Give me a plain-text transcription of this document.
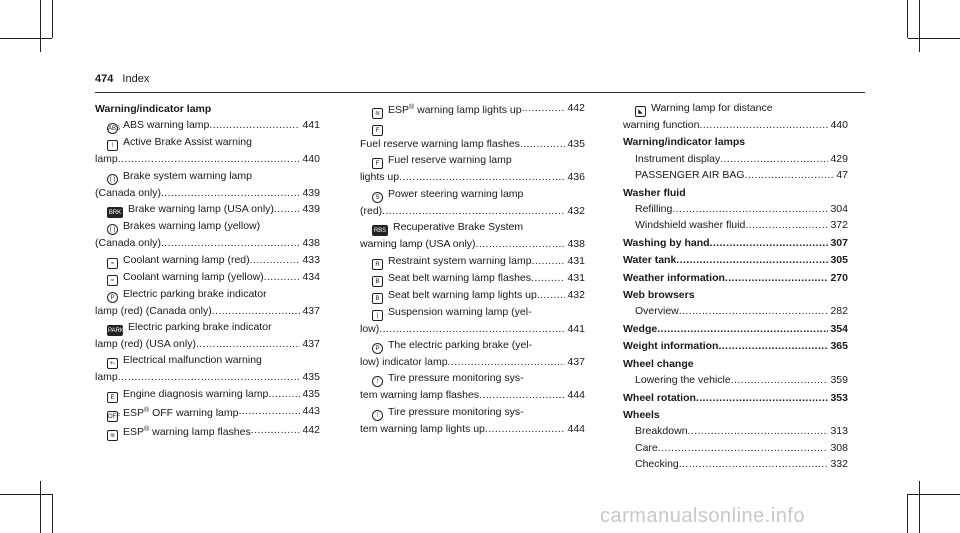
474 Index
Warning/indicator lamp
ABS ABS warning lamp .....	441
! Active Brake Assist warning
lamp .....	440
( ) Brake system warning lamp
(Canada only) .....	439
BRK Brake warning lamp (USA only) .....	439
( ) Brakes warning lamp (yellow)
(Canada only) .....	438
≈ Coolant warning lamp (red) .....	433
≈ Coolant warning lamp (yellow) .....	434
P Electric parking brake indicator
lamp (red) (Canada only) .....	437
PARK Electric parking brake indicator
lamp (red) (USA only) .....	437
+- Electrical malfunction warning
lamp .....	435
E Engine diagnosis warning lamp .....	435
OFF ESP® OFF warning lamp .....	443
≋ ESP® warning lamp flashes .....	442
≋ ESP® warning lamp lights up .....	442
F
Fuel reserve warning lamp flashes .....	435
F Fuel reserve warning lamp
lights up .....	436
S Power steering warning lamp
(red) .....	432
RBS Recuperative Brake System
warning lamp (USA only) .....	438
R Restraint system warning lamp .....	431
B Seat belt warning lamp flashes .....	431
B Seat belt warning lamp lights up .....	432
| Suspension warning lamp (yel-
low) .....	441
P The electric parking brake (yel-
low) indicator lamp .....	437
! Tire pressure monitoring sys-
tem warning lamp flashes .....	444
! Tire pressure monitoring sys-
tem warning lamp lights up .....	444
◣ Warning lamp for distance
warning function .....	440
Warning/indicator lamps
Instrument display .....	429
PASSENGER AIR BAG .....	47
Washer fluid
Refilling .....	304
Windshield washer fluid .....	372
Washing by hand .....	307
Water tank .....	305
Weather information .....	270
Web browsers
Overview .....	282
Wedge .....	354
Weight information .....	365
Wheel change
Lowering the vehicle .....	359
Wheel rotation .....	353
Wheels
Breakdown .....	313
Care .....	308
Checking .....	332
carmanualsonline.info
